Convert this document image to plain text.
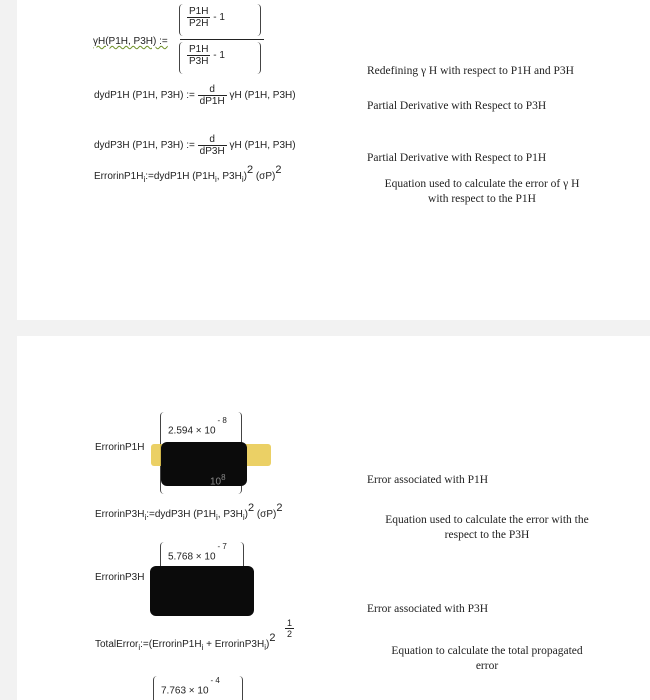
γH(P1H, P3H) :=
$\frac{P1H}{P2H} - 1$
$\frac{P1H}{P3H} - 1$
dydP1H (P1H, P3H) := $\frac{d}{dP1H}$ γH (P1H, P3H)
dydP3H (P1H, P3H) := $\frac{d}{dP3H}$ γH (P1H, P3H)
$ErrorinP1H_i:=dydP1H$ ($P1H_i$, $P3H_i)2$ (σP)2
Redefining γ H with respect to P1H and P3H
Partial Derivative with Respect to P3H
Partial Derivative with Respect to P1H
Equation used to calculate the error of γ H
with respect to the P1H
$2.594 \times 10^{- 8}$
ErrorinP1H
$10^8$
$ErrorinP3H_i:=dydP3H$ ($P1H_i$, $P3H_i)2$ (σP)2
$5.768 \times 10^{- 7}$
ErrorinP3H
$TotalError_i:=(ErrorinP1H_i$ + $ErrorinP3H_i)2 \frac{1}{2}$
$7.763 \times 10^{- 4}$
Error associated with P1H
Equation used to calculate the error with the
respect to the P3H
Error associated with P3H
Equation to calculate the total propagated
error
